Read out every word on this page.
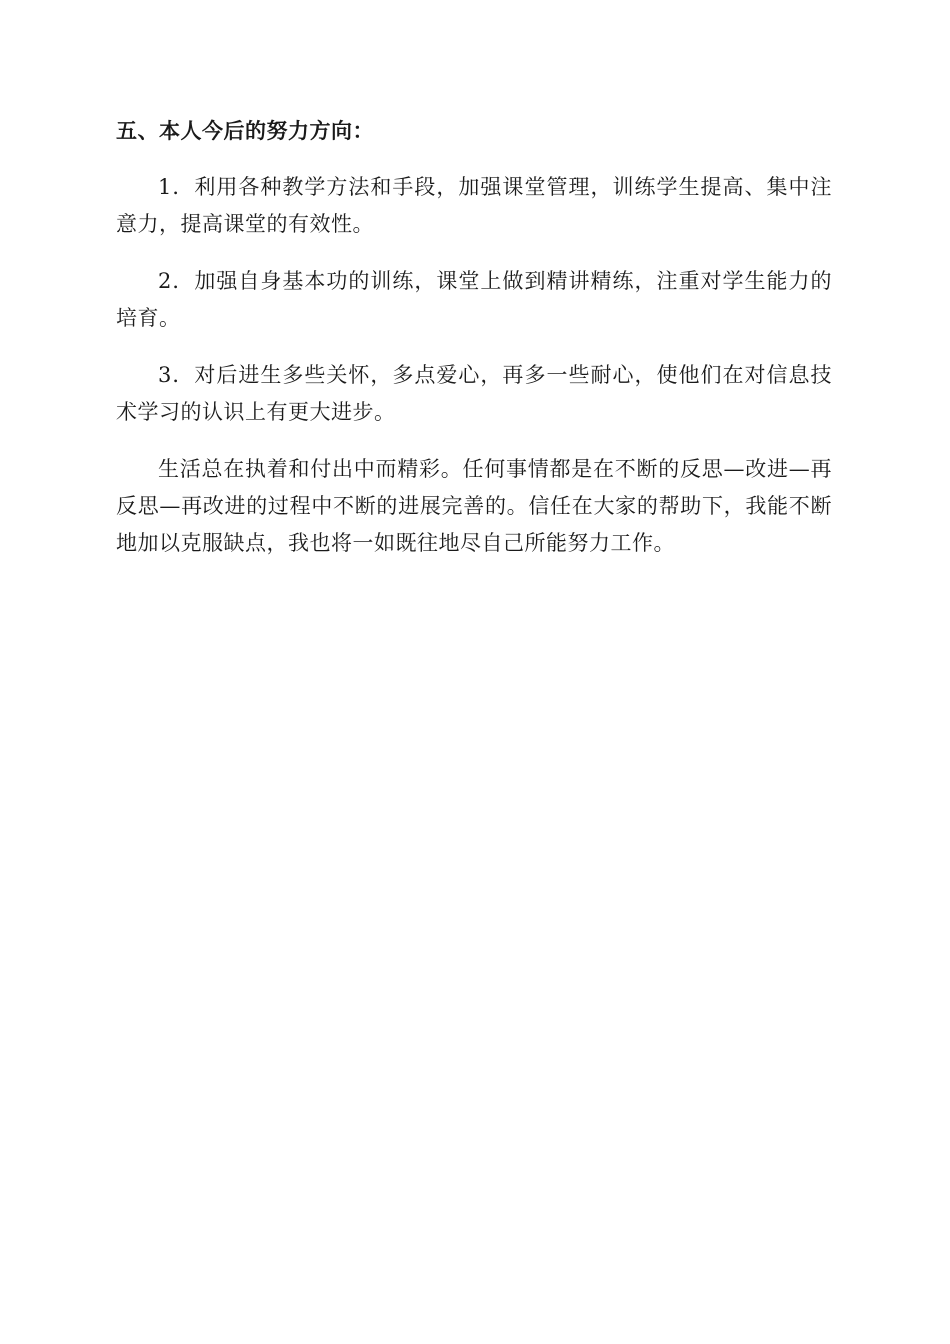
五、本人今后的努力方向：

1．利用各种教学方法和手段，加强课堂管理，训练学生提高、集中注意力，提高课堂的有效性。

2．加强自身基本功的训练，课堂上做到精讲精练，注重对学生能力的培育。

3．对后进生多些关怀，多点爱心，再多一些耐心，使他们在对信息技术学习的认识上有更大进步。

生活总在执着和付出中而精彩。任何事情都是在不断的反思—改进—再反思—再改进的过程中不断的进展完善的。信任在大家的帮助下，我能不断地加以克服缺点，我也将一如既往地尽自己所能努力工作。
